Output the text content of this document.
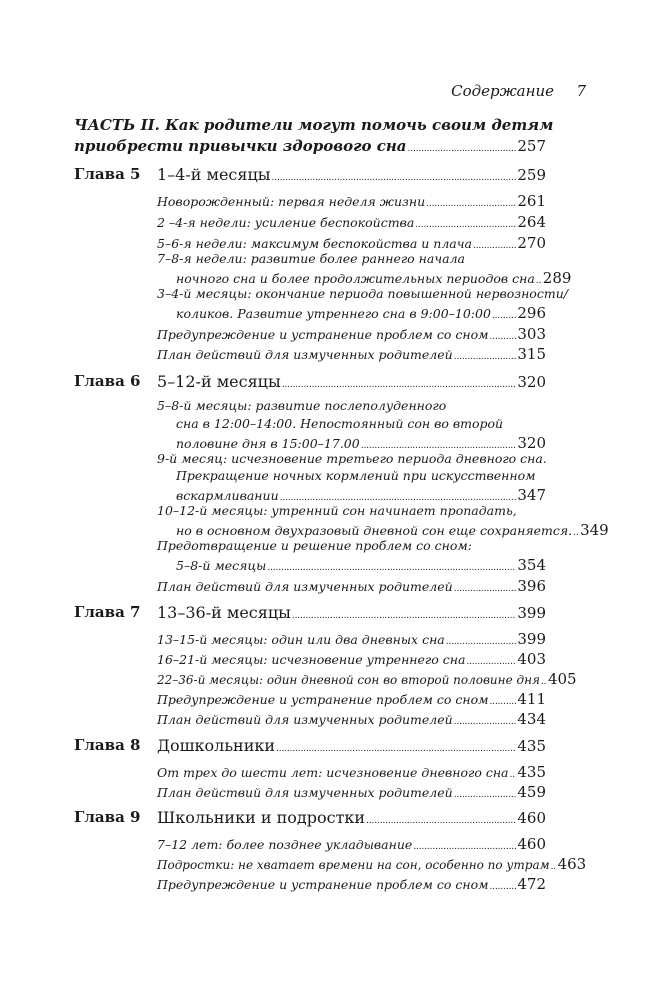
Содержание 7
ЧАСТЬ II. Как родители могут помочь своим детям
приобрести привычки здорового сна . . .	257
Глава 5 1–4-й месяцы . . .	259
Новорожденный: первая неделя жизни . . .	261
2 –4-я недели: усиление беспокойства . . .	264
5–6-я недели: максимум беспокойства и плача . . .	270
7–8-я недели: развитие более раннего начала
ночного сна и более продолжительных периодов сна . . . 289
3–4-й месяцы: окончание периода повышенной нервозности/
коликов. Развитие утреннего сна в 9:00–10:00 . . . 296
Предупреждение и устранение проблем со сном . . . 303
План действий для измученных родителей . . .	315
Глава 6 5–12-й месяцы . . .	320
5–8-й месяцы: развитие послеполуденного
сна в 12:00–14:00. Непостоянный сон во второй
половине дня в 15:00–17.00 . . .	320
9-й месяц: исчезновение третьего периода дневного сна.
Прекращение ночных кормлений при искусственном
вскармливании . . .	347
10–12-й месяцы: утренний сон начинает пропадать,
но в основном двухразовый дневной сон еще сохраняется. . . . 349
Предотвращение и решение проблем со сном:
5–8-й месяцы . . .	354
План действий для измученных родителей . . .	396
Глава 7 13–36-й месяцы . . .	399
13–15-й месяцы: один или два дневных сна . . .	399
16–21-й месяцы: исчезновение утреннего сна . . .	403
22–36-й месяцы: один дневной сон во второй половине дня . . . 405
Предупреждение и устранение проблем со сном . . . 411
План действий для измученных родителей . . .	434
Глава 8 Дошкольники . . .	435
От трех до шести лет: исчезновение дневного сна . . . 435
План действий для измученных родителей . . .	459
Глава 9 Школьники и подростки . . .	460
7–12 лет: более позднее укладывание . . .	460
Подростки: не хватает времени на сон, особенно по утрам . . . 463
Предупреждение и устранение проблем со сном . . . 472
